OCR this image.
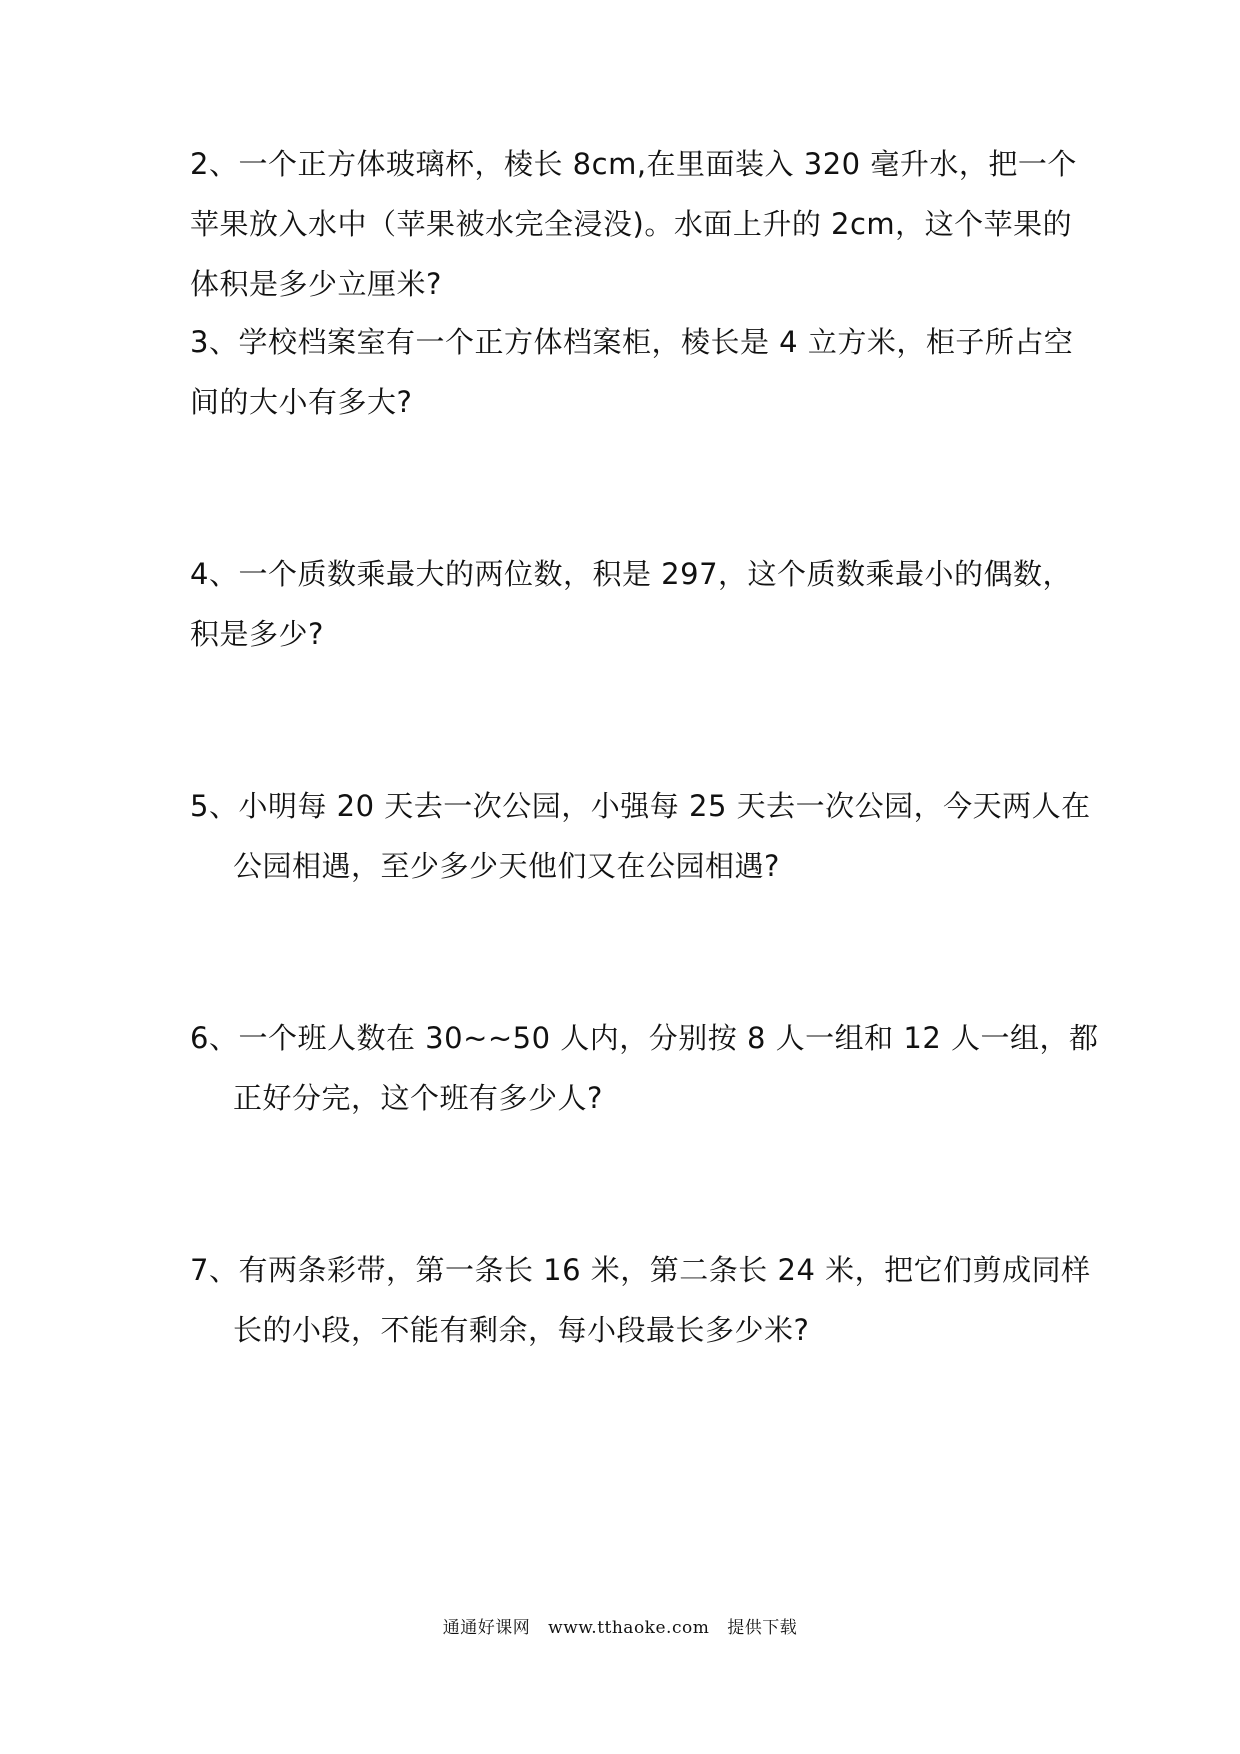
2、一个正方体玻璃杯，棱长 8cm,在里面装入 320 毫升水，把一个
苹果放入水中（苹果被水完全浸没)。水面上升的 2cm，这个苹果的
体积是多少立厘米?
3、学校档案室有一个正方体档案柜，棱长是 4 立方米，柜子所占空
间的大小有多大?
4、一个质数乘最大的两位数，积是 297，这个质数乘最小的偶数，
积是多少?
5、小明每 20 天去一次公园，小强每 25 天去一次公园，今天两人在
公园相遇，至少多少天他们又在公园相遇?
6、一个班人数在 30~~50 人内，分别按 8 人一组和 12 人一组，都
正好分完，这个班有多少人?
7、有两条彩带，第一条长 16 米，第二条长 24 米，把它们剪成同样
长的小段，不能有剩余，每小段最长多少米?
通通好课网 www.tthaoke.com 提供下载
